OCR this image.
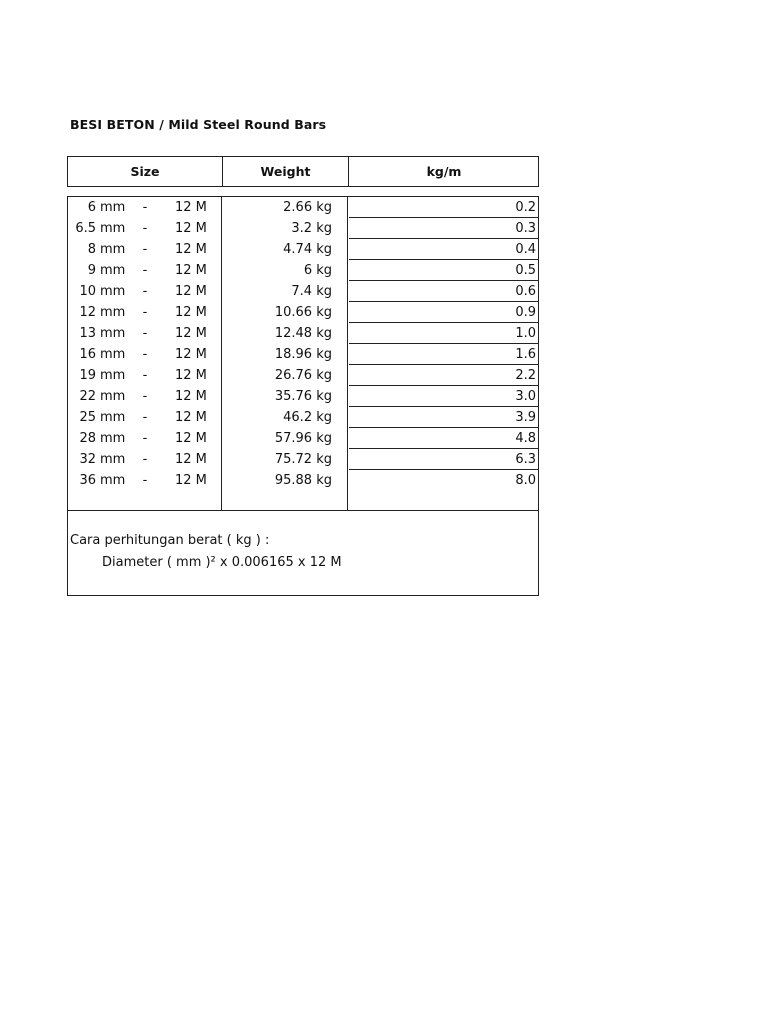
BESI BETON / Mild Steel Round Bars
Size	Weight	kg/m
6 mm - 12 M	2.66 kg	0.2
6.5 mm - 12 M	3.2 kg	0.3
8 mm - 12 M	4.74 kg	0.4
9 mm - 12 M	6 kg	0.5
10 mm - 12 M	7.4 kg	0.6
12 mm - 12 M	10.66 kg	0.9
13 mm - 12 M	12.48 kg	1.0
16 mm - 12 M	18.96 kg	1.6
19 mm - 12 M	26.76 kg	2.2
22 mm - 12 M	35.76 kg	3.0
25 mm - 12 M	46.2 kg	3.9
28 mm - 12 M	57.96 kg	4.8
32 mm - 12 M	75.72 kg	6.3
36 mm - 12 M	95.88 kg	8.0
Cara perhitungan berat ( kg ) :
Diameter ( mm )² x 0.006165 x 12 M
